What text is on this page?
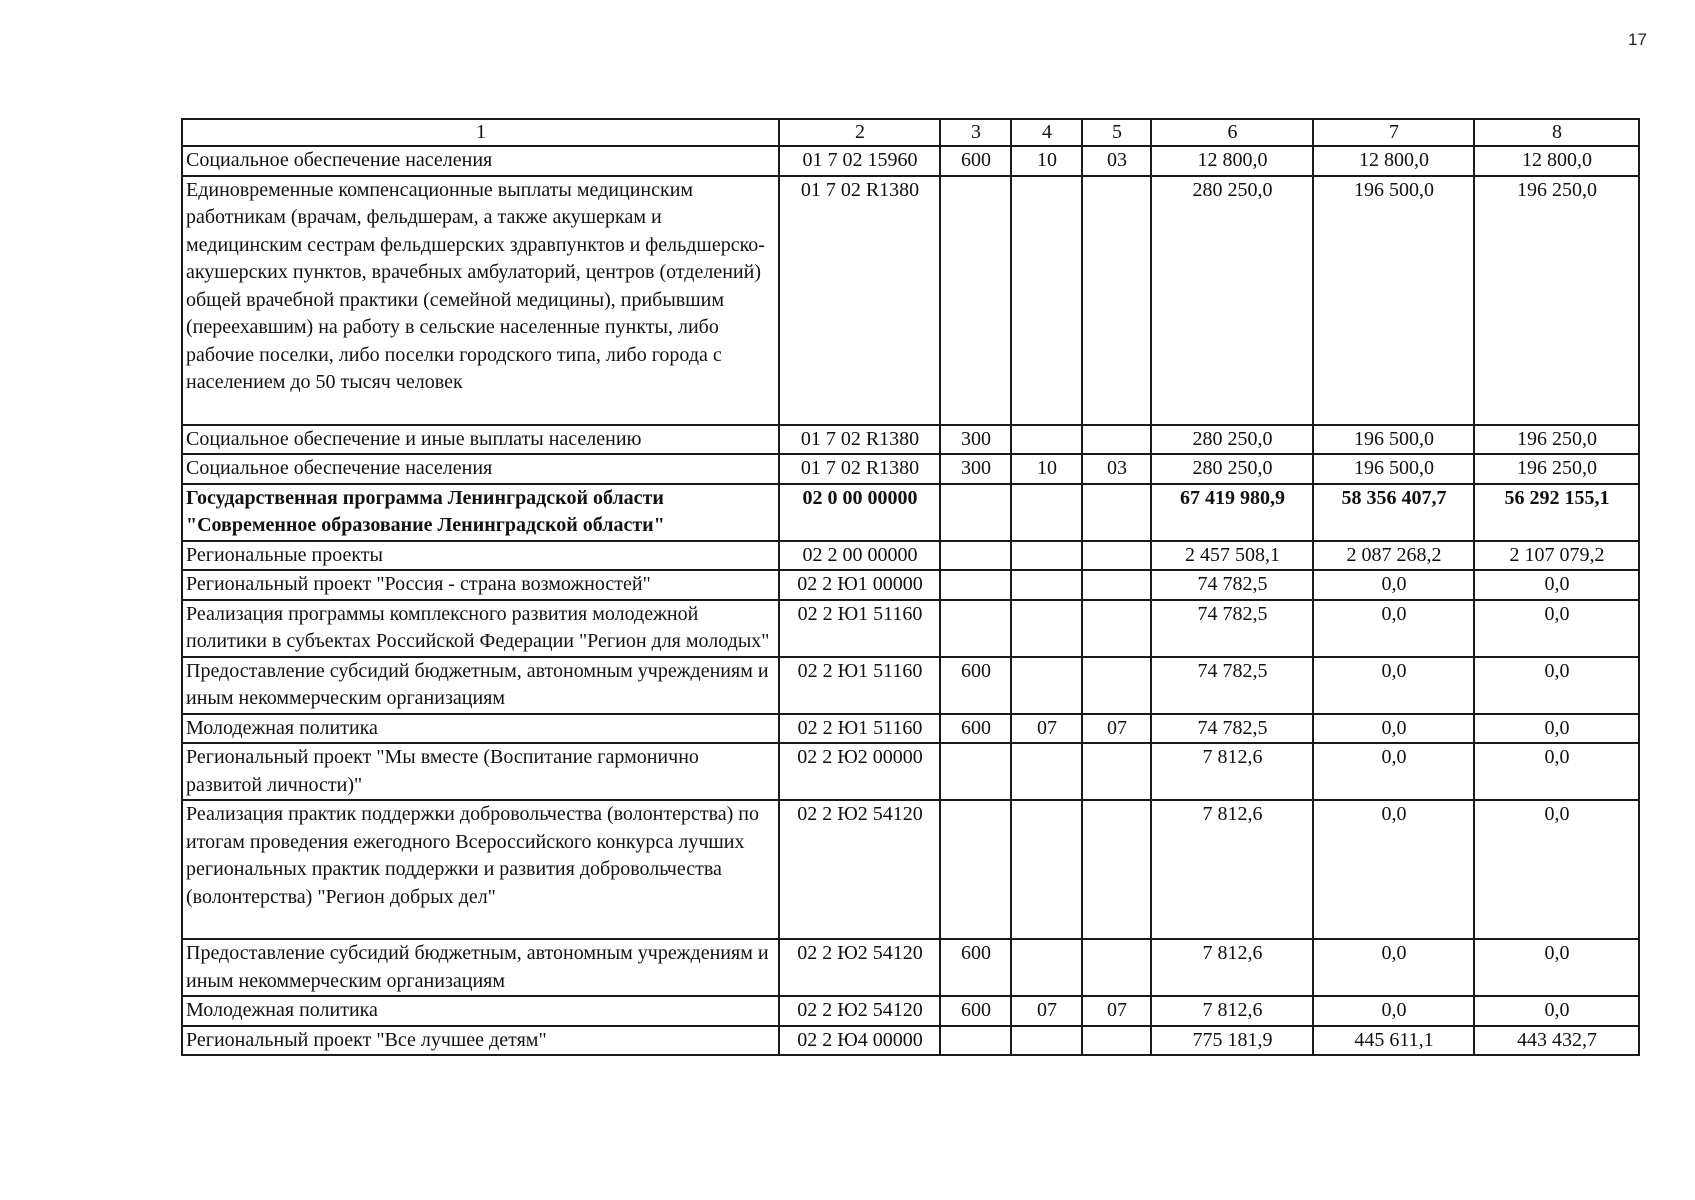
17
1	2	3	4	5	6	7	8
Социальное обеспечение населения	01 7 02 15960	600	10	03	12 800,0	12 800,0	12 800,0
Единовременные компенсационные выплаты медицинским работникам (врачам, фельдшерам, а также акушеркам и медицинским сестрам фельдшерских здравпунктов и фельдшерско-акушерских пунктов, врачебных амбулаторий, центров (отделений) общей врачебной практики (семейной медицины), прибывшим (переехавшим) на работу в сельские населенные пункты, либо рабочие поселки, либо поселки городского типа, либо города с населением до 50 тысяч человек	01 7 02 R1380				280 250,0	196 500,0	196 250,0
Социальное обеспечение и иные выплаты населению	01 7 02 R1380	300			280 250,0	196 500,0	196 250,0
Социальное обеспечение населения	01 7 02 R1380	300	10	03	280 250,0	196 500,0	196 250,0
Государственная программа Ленинградской области "Современное образование Ленинградской области"	02 0 00 00000				67 419 980,9	58 356 407,7	56 292 155,1
Региональные проекты	02 2 00 00000				2 457 508,1	2 087 268,2	2 107 079,2
Региональный проект "Россия - страна возможностей"	02 2 Ю1 00000				74 782,5	0,0	0,0
Реализация программы комплексного развития молодежной политики в субъектах Российской Федерации "Регион для молодых"	02 2 Ю1 51160				74 782,5	0,0	0,0
Предоставление субсидий бюджетным, автономным учреждениям и иным некоммерческим организациям	02 2 Ю1 51160	600			74 782,5	0,0	0,0
Молодежная политика	02 2 Ю1 51160	600	07	07	74 782,5	0,0	0,0
Региональный проект "Мы вместе (Воспитание гармонично развитой личности)"	02 2 Ю2 00000				7 812,6	0,0	0,0
Реализация практик поддержки добровольчества (волонтерства) по итогам проведения ежегодного Всероссийского конкурса лучших региональных практик поддержки и развития добровольчества (волонтерства) "Регион добрых дел"	02 2 Ю2 54120				7 812,6	0,0	0,0
Предоставление субсидий бюджетным, автономным учреждениям и иным некоммерческим организациям	02 2 Ю2 54120	600			7 812,6	0,0	0,0
Молодежная политика	02 2 Ю2 54120	600	07	07	7 812,6	0,0	0,0
Региональный проект "Все лучшее детям"	02 2 Ю4 00000				775 181,9	445 611,1	443 432,7
